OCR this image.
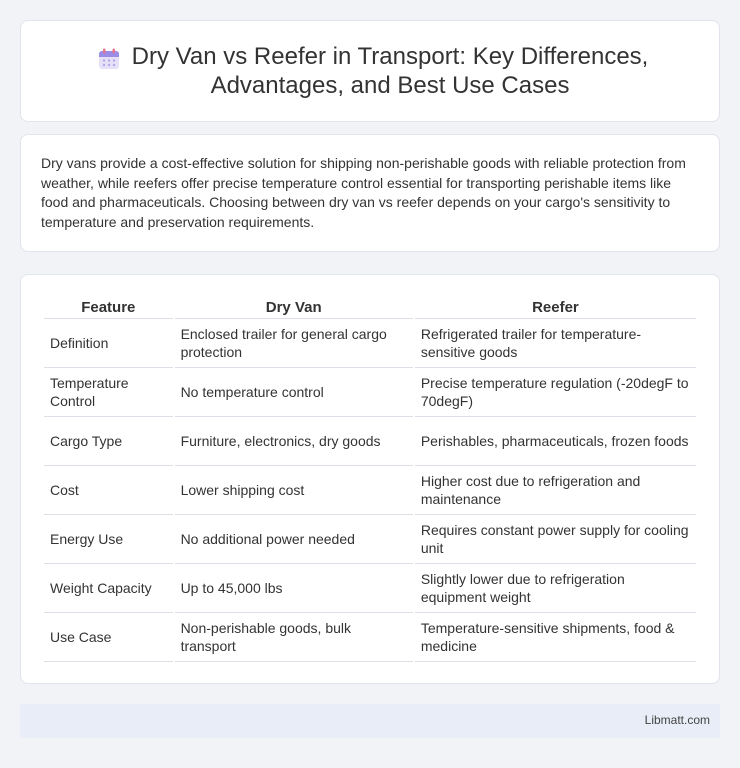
Dry Van vs Reefer in Transport: Key Differences, Advantages, and Best Use Cases

Dry vans provide a cost-effective solution for shipping non-perishable goods with reliable protection from weather, while reefers offer precise temperature control essential for transporting perishable items like food and pharmaceuticals. Choosing between dry van vs reefer depends on your cargo's sensitivity to temperature and preservation requirements.

Feature	Dry Van	Reefer
Definition	Enclosed trailer for general cargo protection	Refrigerated trailer for temperature-sensitive goods
Temperature Control	No temperature control	Precise temperature regulation (-20degF to 70degF)
Cargo Type	Furniture, electronics, dry goods	Perishables, pharmaceuticals, frozen foods
Cost	Lower shipping cost	Higher cost due to refrigeration and maintenance
Energy Use	No additional power needed	Requires constant power supply for cooling unit
Weight Capacity	Up to 45,000 lbs	Slightly lower due to refrigeration equipment weight
Use Case	Non-perishable goods, bulk transport	Temperature-sensitive shipments, food & medicine
Libmatt.com
